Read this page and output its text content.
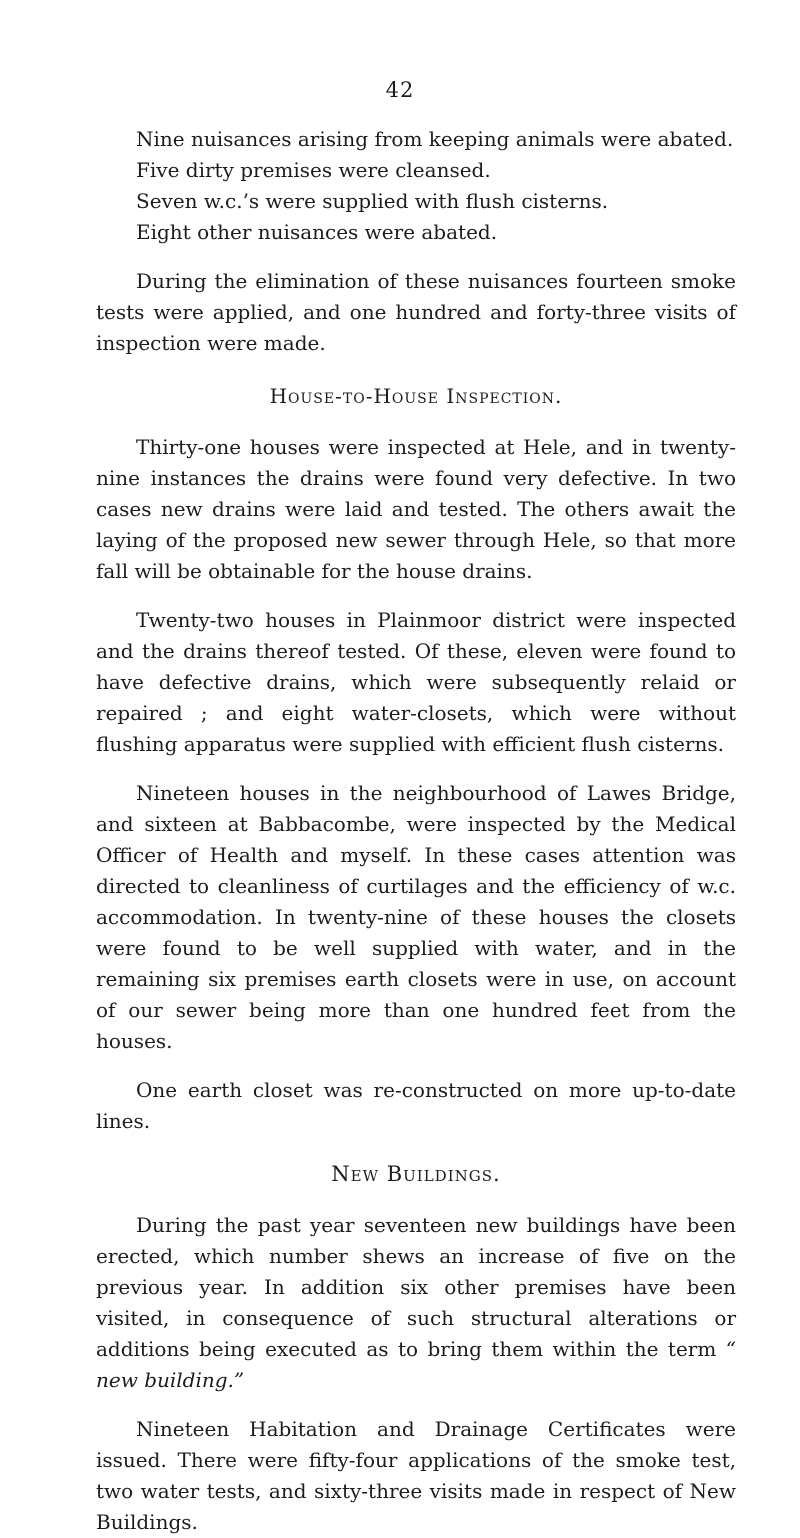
42
Nine nuisances arising from keeping animals were abated.
Five dirty premises were cleansed.
Seven w.c.’s were supplied with flush cisterns.
Eight other nuisances were abated.

During the elimination of these nuisances fourteen smoke tests were applied, and one hundred and forty-three visits of inspection were made.

House-to-House Inspection.

Thirty-one houses were inspected at Hele, and in twenty-nine instances the drains were found very defective. In two cases new drains were laid and tested. The others await the laying of the proposed new sewer through Hele, so that more fall will be obtainable for the house drains.

Twenty-two houses in Plainmoor district were inspected and the drains thereof tested. Of these, eleven were found to have defective drains, which were subsequently relaid or repaired ; and eight water-closets, which were without flushing apparatus were supplied with efficient flush cisterns.

Nineteen houses in the neighbourhood of Lawes Bridge, and sixteen at Babbacombe, were inspected by the Medical Officer of Health and myself. In these cases attention was directed to cleanliness of curtilages and the efficiency of w.c. accommodation. In twenty-nine of these houses the closets were found to be well supplied with water, and in the remaining six premises earth closets were in use, on account of our sewer being more than one hundred feet from the houses.

One earth closet was re-constructed on more up-to-date lines.

New Buildings.

During the past year seventeen new buildings have been erected, which number shews an increase of five on the previous year. In addition six other premises have been visited, in consequence of such structural alterations or additions being executed as to bring them within the term “ new building.”

Nineteen Habitation and Drainage Certificates were issued. There were fifty-four applications of the smoke test, two water tests, and sixty-three visits made in respect of New Buildings.
